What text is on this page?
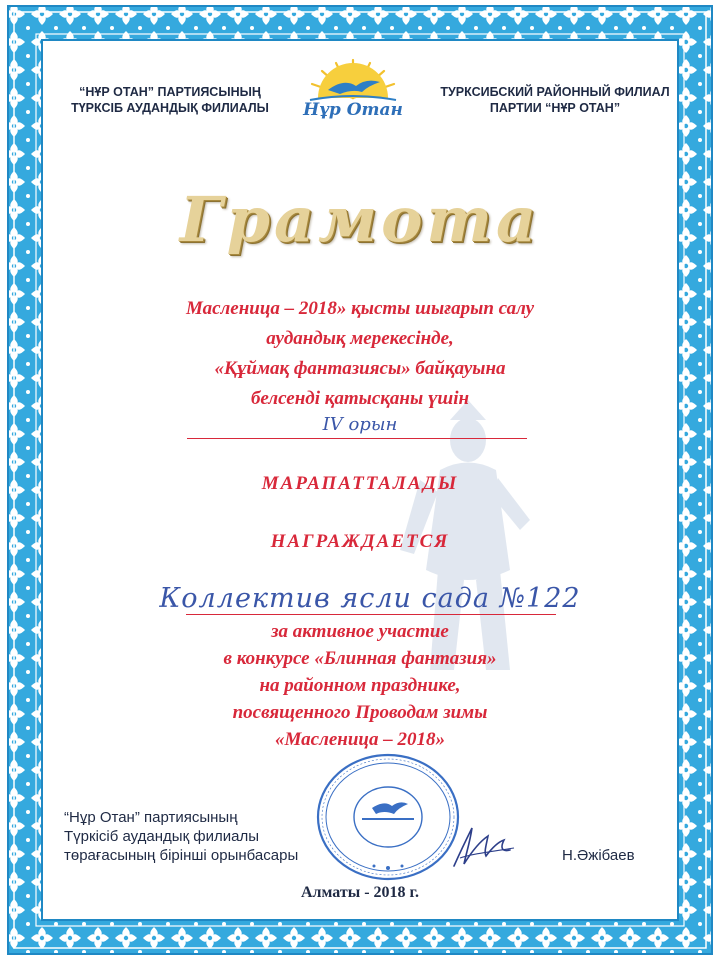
“НҰР ОТАН” ПАРТИЯСЫНЫҢ
ТҮРКСІБ АУДАНДЫҚ ФИЛИАЛЫ
ТУРКСИБСКИЙ РАЙОННЫЙ ФИЛИАЛ
ПАРТИИ “НҰР ОТАН”
Нұр Отан
Грамота
Масленица – 2018» қысты шығарып салу
аудандық мерекесінде,
«Құймақ фантазиясы» байқауына
белсенді қатысқаны үшін
IV орын
МАРАПАТТАЛАДЫ
НАГРАЖДАЕТСЯ
Коллектив ясли сада №122
за активное участие
в конкурсе «Блинная фантазия»
на районном празднике,
посвященного Проводам зимы
«Масленица – 2018»
“Нұр Отан” партиясының
Түркісіб аудандық филиалы
төрағасының бірінші орынбасары	Н.Әжібаев
Алматы - 2018 г.
